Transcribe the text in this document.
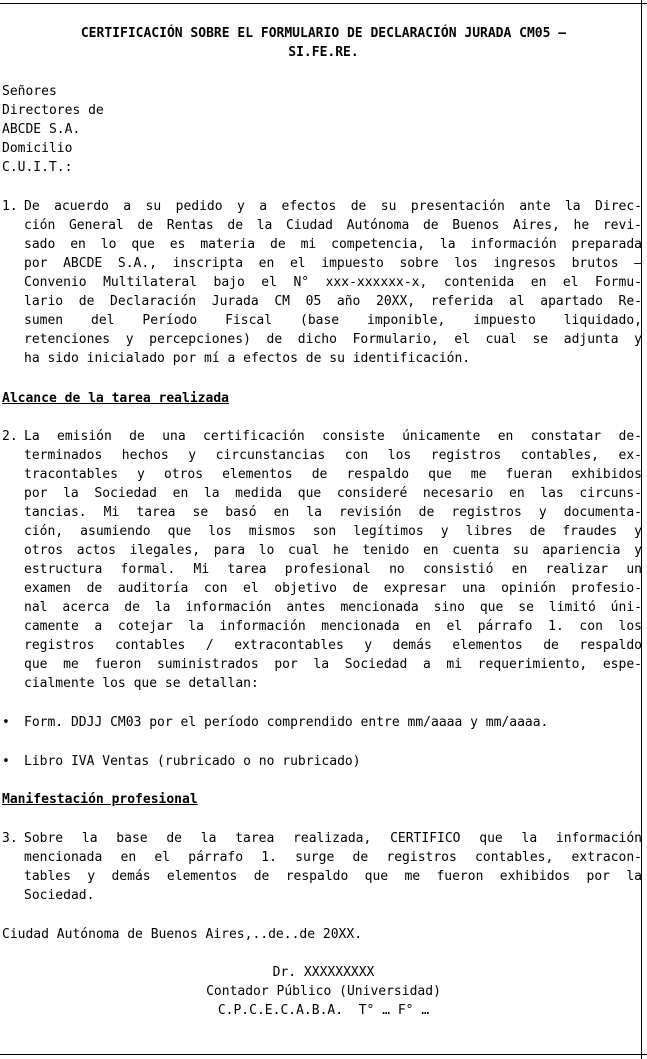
CERTIFICACIÓN SOBRE EL FORMULARIO DE DECLARACIÓN JURADA CM05 –
SI.FE.RE.
Señores
Directores de
ABCDE S.A.
Domicilio
C.U.I.T.:
1. De acuerdo a su pedido y a efectos de su presentación ante la Direc-
ción General de Rentas de la Ciudad Autónoma de Buenos Aires, he revi-
sado en lo que es materia de mi competencia, la información preparada
por ABCDE S.A., inscripta en el impuesto sobre los ingresos brutos –
Convenio Multilateral bajo el N° xxx-xxxxxx-x, contenida en el Formu-
lario de Declaración Jurada CM 05 año 20XX, referida al apartado Re-
sumen del Período Fiscal (base imponible, impuesto liquidado,
retenciones y percepciones) de dicho Formulario, el cual se adjunta y
ha sido inicialado por mí a efectos de su identificación.
Alcance de la tarea realizada
2. La emisión de una certificación consiste únicamente en constatar de-
terminados hechos y circunstancias con los registros contables, ex-
tracontables y otros elementos de respaldo que me fueran exhibidos
por la Sociedad en la medida que consideré necesario en las circuns-
tancias. Mi tarea se basó en la revisión de registros y documenta-
ción, asumiendo que los mismos son legítimos y libres de fraudes y
otros actos ilegales, para lo cual he tenido en cuenta su apariencia y
estructura formal. Mi tarea profesional no consistió en realizar un
examen de auditoría con el objetivo de expresar una opinión profesio-
nal acerca de la información antes mencionada sino que se limitó úni-
camente a cotejar la información mencionada en el párrafo 1. con los
registros contables / extracontables y demás elementos de respaldo
que me fueron suministrados por la Sociedad a mi requerimiento, espe-
cialmente los que se detallan:
• Form. DDJJ CM03 por el período comprendido entre mm/aaaa y mm/aaaa.
• Libro IVA Ventas (rubricado o no rubricado)
Manifestación profesional
3. Sobre la base de la tarea realizada, CERTIFICO que la información
mencionada en el párrafo 1. surge de registros contables, extracon-
tables y demás elementos de respaldo que me fueron exhibidos por la
Sociedad.
Ciudad Autónoma de Buenos Aires,..de..de 20XX.
Dr. XXXXXXXXX
Contador Público (Universidad)
C.P.C.E.C.A.B.A.  T° … F° …
